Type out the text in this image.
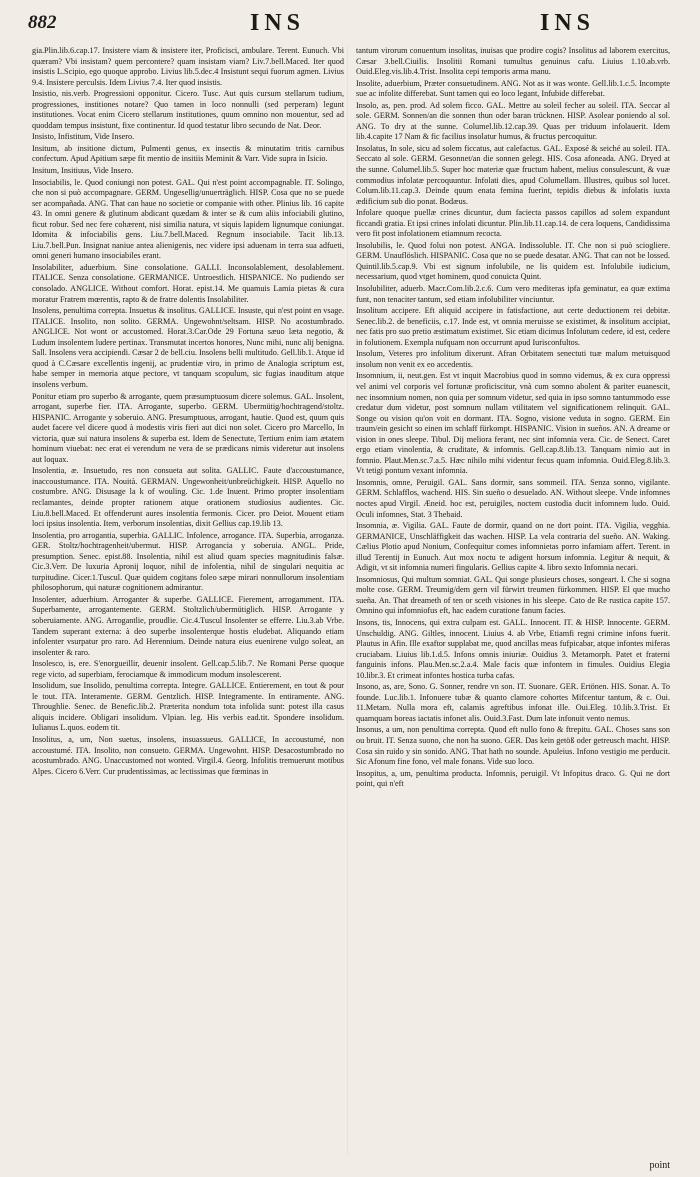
882	INS	INS

gia.Plin.lib.6.cap.17. Insistere viam & insistere iter, Proficisci, ambulare. Terent. Eunuch. Vbi quæram? Vbi insistam? quem percontere? quam insistam viam? Liv.7.bell.Maced. Iter quod insistis L.Scipio, ego quoque approbo. Livius lib.5.dec.4 Insistunt sequi fuorum agmen. Livius 9.4. Insistere perculsis. Idem Livius 7.4. Iter quod insistis.

Insistio, nis.verb. Progressioni opponitur. Cicero. Tusc. Aut quis cursum stellarum tudium, progressiones, institiones notare? Quo tamen in loco nonnulli (sed perperam) legunt institutiones. Vocat enim Cicero stellarum institutiones, quum omnino non mouentur, sed ad quoddam tempus insistunt, fixe continentur. Id quod testatur libro secundo de Nat. Deor.

Insisto, Infistitum, Vide Insero.

Insitum, ab insitione dictum, Pulmenti genus, ex insectis & minutatim tritis carnibus confectum. Apud Apitium sæpe fit mentio de insitiis Meminit & Varr. Vide supra in Isicio.

Insitum, Insitiuus, Vide Insero.

Insociabilis, le. Quod coniungi non potest. GAL. Qui n'est point accompagnable. IT. Solingo, che non si può accompagnare. GERM. Ungesellig/unuerträglich. HISP. Cosa que no se puede ser acompañada. ANG. That can haue no societie or companie with other. Plinius lib. 16 capite 43. In omni genere & glutinum abdicant quædam & inter se & cum aliis infociabili glutino, ficut robur. Sed nec fere cohærent, nisi similia natura, vt siquis lapidem lignumque coniungat. Idomita & infociabilis gens. Liu.7.bell.Maced. Regnum insociabile. Tacit lib.13. Liu.7.bell.Pun. Insignat naniue antea alienigenis, nec videre ipsi aduenam in terra sua adfueti, omni generi humano insociabiles erant.

Insolabiliter, aduerbium. Sine consolatione. GALLI. Inconsolablement, desolablement. ITALICE. Senza consolatione. GERMANICE. Untroestlich. HISPANICE. No pudiendo ser consolado. ANGLICE. Without comfort. Horat. epist.14. Me quamuis Lamia pietas & cura moratur Fratrem mœrentis, rapto & de fratre dolentis Insolabiliter.

Insolens, penultima correpta. Insuetus & insolitus. GALLICE. Insuste, qui n'est point en vsage. ITALICE. Insolito, non solito. GERMA. Ungewohnt/seltsam. HISP. No acostumbrado. ANGLICE. Not wont or accustomed. Horat.3.Car.Ode 29 Fortuna sæuo læta negotio, & Ludum insolentem ludere pertinax. Transmutat incertos honores, Nunc mihi, nunc alij benigna. Sall. Insolens vera accipiendi. Cæsar 2 de bell.ciu. Insolens belli multitudo. Gell.lib.1. Atque id quod à C.Cæsare excellentis ingenij, ac prudentiæ viro, in primo de Analogia scriptum est, habe semper in memoria atque pectore, vt tanquam scopulum, sic fugias inauditum atque insolens verbum.

Ponitur etiam pro superbo & arrogante, quem præsumptuosum dicere solemus. GAL. Insolent, arrogant, superbe fier. ITA. Arrogante, superbo. GERM. Ubermütig/hochtragend/stoltz. HISPANIC. Arrogante y soberuio. ANG. Presumptuous, arrogant, hautie. Quod est, quum quis audet facere vel dicere quod à modestis viris fieri aut dici non solet. Cicero pro Marcello, In victoria, quæ sui natura insolens & superba est. Idem de Senectute, Tertium enim iam ætatem hominum viuebat: nec erat ei verendum ne vera de se prædicans nimis videretur aut insolens aut loquax.

Insolentia, æ. Insuetudo, res non consueta aut solita. GALLIC. Faute d'accoustumance, inaccoustumance. ITA. Nouità. GERMAN. Ungewonheit/unbreüchigkeit. HISP. Aquello no costumbre. ANG. Disusage la k of wouling. Cic. 1.de Inuent. Primo propter insolentiam reclamantes, deinde propter rationem atque orationem studiosius audientes. Cic. Liu.8.bell.Maced. Et offenderunt aures insolentia fermonis. Cicer. pro Deiot. Mouent etiam loci ipsius insolentia. Item, verborum insolentias, dixit Gellius cap.19.lib 13.

Insolentia, pro arrogantia, superbia. GALLIC. Infolence, arrogance. ITA. Superbia, arroganza. GER. Stoltz/hochtragenheit/ubermut. HISP. Arrogancia y soberuia. ANGL. Pride, presumption. Senec. epist.88. Insolentia, nihil est aliud quam species magnitudinis falsæ. Cic.3.Verr. De luxuria Apronij loquor, nihil de infolentia, nihil de singulari nequitia ac turpitudine. Cicer.1.Tuscul. Quæ quidem cogitans foleo sæpe mirari nonnullorum insolentiam philosophorum, qui naturæ cognitionem admirantur.

Insolenter, aduerbium. Arroganter & superbe. GALLICE. Fierement, arrogamment. ITA. Superbamente, arrogantemente. GERM. Stoltzlich/ubermütiglich. HISP. Arrogante y soberuiamente. ANG. Arrogantlie, proudlie. Cic.4.Tuscul Insolenter se efferre. Liu.3.ab Vrbe. Tandem superant externa: à deo superbe insolenterque hostis eludebat. Aliquando etiam infolenter vsurpatur pro raro. Ad Herennium. Deinde natura eius euenirene vulgo soleat, an insolenter & raro.

Insolesco, is, ere. S'enorgueillir, deuenir insolent. Gell.cap.5.lib.7. Ne Romani Perse quoque rege victo, ad superbiam, ferociamque & immodicum modum insolescerent.

Insolidum, sue Insolido, penultima correpta. Integre. GALLICE. Entierement, en tout & pour le tout. ITA. Interamente. GERM. Gentzlich. HISP. Integramente. In entiramente. ANG. Throughlie. Senec. de Benefic.lib.2. Præterita nondum tota infolida sunt: potest illa casus aliquis incidere. Obligari insolidum. Vlpian. leg. His verbis ead.tit. Spondere insolidum. Iulianus L.quos. eodem tit.

Insolitus, a, um, Non suetus, insolens, insuassueus. GALLICE, In accoustumé, non accoustumé. ITA. Insolito, non consueto. GERMA. Ungewohnt. HISP. Desacostumbrado no acostumbrado. ANG. Unaccustomed not wonted. Virgil.4. Georg. Infolitis tremuerunt motibus Alpes. Cicero 6.Verr. Cur prudentissimas, ac lectissimas que fœminas in

tantum virorum conuentum insolitas, inuisas que prodire cogis? Insolitus ad laborem exercitus, Cæsar 3.bell.Ciuilis. Insolitii Romani tumultus genuinus cafu. Liuius 1.10.ab.vrb. Ouid.Eleg.vis.lib.4.Trist. Insolita cepi temporis arma manu.

Insolite, aduerbium, Præter consuetudinem. ANG. Not as it was wonte. Gell.lib.1.c.5. Incompte sue ac infolite differebat. Sunt tamen qui eo loco legant, Infubide differebat.

Insolo, as, pen. prod. Ad solem ficco. GAL. Mettre au soleil fecher au soleil. ITA. Seccar al sole. GERM. Sonnen/an die sonnen thun oder baran trücknen. HISP. Asolear poniendo al sol. ANG. To dry at the sunne. Columel.lib.12.cap.39. Quas per triduum infolauerit. Idem lib.4.capite 17 Nam & fic facilius insolatur humus, & fructus percoquitur.

Insolatus, In sole, sicu ad solem ficcatus, aut calefactus. GAL. Exposé & seiché au soleil. ITA. Seccato al sole. GERM. Gesonnet/an die sonnen gelegt. HIS. Cosa afoneada. ANG. Dryed at the sunne. Columel.lib.5. Super hoc materiæ quæ fructum habent, melius consulescunt, & vuæ commodius infolatæ percoquuntur. Infolati dies, apud Columellam. Illustres, quibus sol lucet. Colum.lib.11.cap.3. Deinde quum enata femina fuerint, tepidis diebus & infolatis iuxta ædificium sub dio ponat. Bodæus.

Infolare quoque puellæ crines dicuntur, dum faciecta passos capillos ad solem expandunt ficcandi gratia. Et ipsi crines infolati dicuntur. Plin.lib.11.cap.14. de cera loquens, Candidissima vero fit post infolationem etiamnum recocta.

Insolubilis, le. Quod folui non potest. ANGA. Indissoluble. IT. Che non si può sciogliere. GERM. Unauflöslich. HISPANIC. Cosa que no se puede desatar. ANG. That can not be lossed. Quintil.lib.5.cap.9. Vbi est signum infolubile, ne lis quidem est. Infolubile iudicium, necessarium, quod vtget hominem, quod conuicta Quint.

Insolubiliter, aduerb. Macr.Com.lib.2.c.6. Cum vero mediteras ipfa geminatur, ea quæ extima funt, non tenaciter tantum, sed etiam infolubiliter vinciuntur.

Insolitum accipere. Eft aliquid accipere in fatisfactione, aut certe deductionem rei debitæ. Senec.lib.2. de beneficiis, c.17. Inde est, vt omnia meruisse se existimet, & insolitum accipiat, nec fatis pro suo pretio æstimatum existimet. Sic etiam dicimus Infolutum cedere, id est, cedere in folutionem. Exempla nufquam non occurrunt apud Iurisconfultos.

Insolum, Veteres pro infolitum dixerunt. Afran Orbitatem senectuti tuæ malum metuisquod insolum non venit ex eo accedentis.

Insomnium, ii, neut.gen. Est vt inquit Macrobius quod in somno videmus, & ex cura oppressi vel animi vel corporis vel fortunæ proficiscitur, vnà cum somno abolent & pariter euanescit, nec insomnium nomen, non quia per somnum videtur, sed quia in ipso somno tantummodo esse credatur dum videtur, post somnum nullam vtilitatem vel significationem relinquit. GAL. Songe ou vision qu'on voit en dormant. ITA. Sogno, visione veduta in sogno. GERM. Ein traum/ein gesicht so einen im schlaff fürkompt. HISPANIC. Vision in sueños. AN. A dreame or vision in ones sleepe. Tibul. Dij meliora ferant, nec sint infomnia vera. Cic. de Senect. Caret ergo etiam vinolentia, & cruditate, & infomnis. Gell.cap.8.lib.13. Tanquam nimio aut in fomnio. Plaut.Men.sc.7.a.5. Hæc nihilo mihi videntur fecus quam infomnia. Ouid.Eleg.8.lib.3. Vt tetigi pontum vexant infomnia.

Insomnis, omne, Peruigil. GAL. Sans dormir, sans sommeil. ITA. Senza sonno, vigilante. GERM. Schlafflos, wachend. HIS. Sin sueño o desuelado. AN. Without sleepe. Vnde infomnes noctes apud Virgil. Æneid. hoc est, peruigiles, noctem custodia ducit infomnem ludo. Ouid. Oculi infomnes, Stat. 3 Thebaid.

Insomnia, æ. Vigilia. GAL. Faute de dormir, quand on ne dort point. ITA. Vigilia, vegghia. GERMANICE, Unschläffigkeit das wachen. HISP. La vela contraria del sueño. AN. Waking. Cælius Plotio apud Nonium, Confequitur comes infomnietas porro infamiam affert. Terent. in illud Terentij in Eunuch. Aut mox noctu te adigent horsum infomnia. Legitur & nequit, & Adigit, vt sit infomnia numeri fingularis. Gellius capite 4. libro sexto Infomnia necari.

Insomniosus, Qui multum somniat. GAL. Qui songe plusieurs choses, songeart. I. Che si sogna molte cose. GERM. Treumig/dem gern vil fürwirt treumen fürkommen. HISP. El que mucho sueña. An. That dreameth of ten or sceth visiones in his sleepe. Cato de Re rustica capite 157. Omnino qui infomniofus eft, hac eadem curatione fanum facies.

Insons, tis, Innocens, qui extra culpam est. GALL. Innocent. IT. & HISP. Innocente. GERM. Unschuldig. ANG. Giltles, innocent. Liuius 4. ab Vrbe, Etiamfi regni crimine infons fuerit. Plautus in Afin. Ille exaftor supplabat me, quod ancillas meas fufpicabar, atque infontes miferas cruciabam. Liuius lib.1.d.5. Infons omnis iniuriæ. Ouidius 3. Metamorph. Patet et fraterni fanguinis infons. Plau.Men.sc.2.a.4. Male facis quæ infontem in fimules. Ouidius Elegia 10.libr.3. Et crimeat infontes hostica turba cafas.

Insono, as, are, Sono. G. Sonner, rendre vn son. IT. Suonare. GER. Ertönen. HIS. Sonar. A. To founde. Luc.lib.1. Infonuere tubæ & quanto clamore cohortes Mifcentur tantum, & c. Oui. 11.Metam. Nulla mora eft, calamis agreftibus infonat ille. Oui.Eleg. 10.lib.3.Trist. Et quamquam boreas iactatis infonet alis. Ouid.3.Fast. Dum late infonuit vento nemus.

Insonus, a um, non penultima correpta. Quod eft nullo fono & ftrepitu. GAL. Choses sans son ou bruit. IT. Senza suono, che non ha suono. GER. Das kein getöß oder getreusch macht. HISP. Cosa sin ruido y sin sonido. ANG. That hath no sounde. Apuleius. Infono vestigio me perducit. Sic Afonum fine fono, vel male fonans. Vide suo loco.

Insopitus, a, um, penultima producta. Infomnis, peruigil. Vt Infopitus draco. G. Qui ne dort point, qui n'eft

point
